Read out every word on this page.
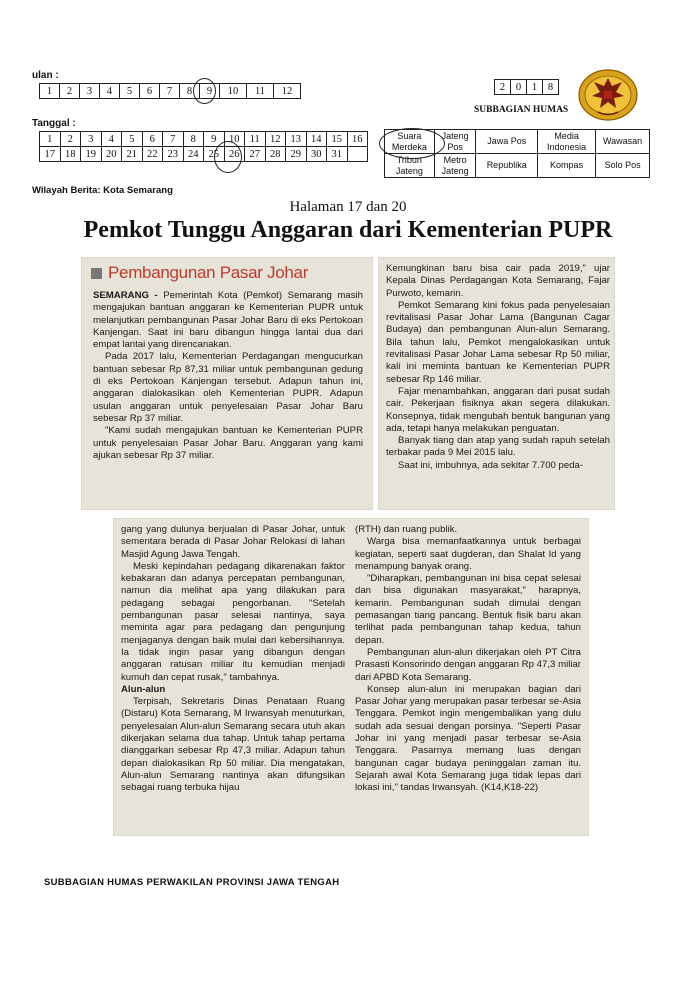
ulan :
1	2	3	4	5	6	7	8	9	10	11	12
Tanggal :
1	2	3	4	5	6	7	8	9	10	11	12	13	14	15	16
17	18	19	20	21	22	23	24	25	26	27	28	29	30	31	
2	0	1	8
SUBBAGIAN HUMAS
Suara Merdeka	Jateng Pos	Jawa Pos	Media Indonesia	Wawasan
Tribun Jateng	Metro Jateng	Republika	Kompas	Solo Pos
Wilayah Berita: Kota Semarang
Halaman 17 dan 20
Pemkot Tunggu Anggaran dari Kementerian PUPR
Pembangunan Pasar Johar

SEMARANG - Pemerintah Kota (Pemkot) Semarang masih mengajukan bantuan anggaran ke Kementerian PUPR untuk melanjutkan pembangunan Pasar Johar Baru di eks Pertokoan Kanjengan. Saat ini baru dibangun hingga lantai dua dari empat lantai yang direncanakan.

Pada 2017 lalu, Kementerian Perdagangan mengucurkan bantuan sebesar Rp 87,31 miliar untuk pembangunan gedung di eks Pertokoan Kanjengan tersebut. Adapun tahun ini, anggaran dialokasikan oleh Kementerian PUPR. Adapun usulan anggaran untuk penyelesaian Pasar Johar Baru sebesar Rp 37 miliar.

"Kami sudah mengajukan bantuan ke Kementerian PUPR untuk penyelesaian Pasar Johar Baru. Anggaran yang kami ajukan sebesar Rp 37 miliar.

Kemungkinan baru bisa cair pada 2019," ujar Kepala Dinas Perdagangan Kota Semarang, Fajar Purwoto, kemarin.

Pemkot Semarang kini fokus pada penyelesaian revitalisasi Pasar Johar Lama (Bangunan Cagar Budaya) dan pembangunan Alun-alun Semarang. Bila tahun lalu, Pemkot mengalokasikan untuk revitalisasi Pasar Johar Lama sebesar Rp 50 miliar, kali ini meminta bantuan ke Kementerian PUPR sebesar Rp 146 miliar.

Fajar menambahkan, anggaran dari pusat sudah cair. Pekerjaan fisiknya akan segera dilakukan. Konsepnya, tidak mengubah bentuk bangunan yang ada, tetapi hanya melakukan penguatan.

Banyak tiang dan atap yang sudah rapuh setelah terbakar pada 9 Mei 2015 lalu.

Saat ini, imbuhnya, ada sekitar 7.700 peda-

gang yang dulunya berjualan di Pasar Johar, untuk sementara berada di Pasar Johar Relokasi di lahan Masjid Agung Jawa Tengah.

Meski kepindahan pedagang dikarenakan faktor kebakaran dan adanya percepatan pembangunan, namun dia melihat apa yang dilakukan para pedagang sebagai pengorbanan. "Setelah pembangunan pasar selesai nantinya, saya meminta agar para pedagang dan pengunjung menjaganya dengan baik mulai dari kebersihannya. Ia tidak ingin pasar yang dibangun dengan anggaran ratusan miliar itu kemudian menjadi kumuh dan cepat rusak," tambahnya.

Alun-alun

Terpisah, Sekretaris Dinas Penataan Ruang (Distaru) Kota Semarang, M Irwansyah menuturkan, penyelesaian Alun-alun Semarang secara utuh akan dikerjakan selama dua tahap. Untuk tahap pertama dianggarkan sebesar Rp 47,3 miliar. Adapun tahun depan dialokasikan Rp 50 miliar. Dia mengatakan, Alun-alun Semarang nantinya akan difungsikan sebagai ruang terbuka hijau

(RTH) dan ruang publik.

Warga bisa memanfaatkannya untuk berbagai kegiatan, seperti saat dugderan, dan Shalat Id yang menampung banyak orang.

"Diharapkan, pembangunan ini bisa cepat selesai dan bisa digunakan masyarakat," harapnya, kemarin. Pembangunan sudah dimulai dengan pemasangan tiang pancang. Bentuk fisik baru akan terlihat pada pembangunan tahap kedua, tahun depan.

Pembangunan alun-alun dikerjakan oleh PT Citra Prasasti Konsorindo dengan anggaran Rp 47,3 miliar dari APBD Kota Semarang.

Konsep alun-alun ini merupakan bagian dari Pasar Johar yang merupakan pasar terbesar se-Asia Tenggara. Pemkot ingin mengembalikan yang dulu sudah ada sesuai dengan porsinya. "Seperti Pasar Johar ini yang menjadi pasar terbesar se-Asia Tenggara. Pasarnya memang luas dengan bangunan cagar budaya peninggalan zaman itu. Sejarah awal Kota Semarang juga tidak lepas dari lokasi ini," tandas Irwansyah. (K14,K18-22)

SUBBAGIAN HUMAS PERWAKILAN PROVINSI JAWA TENGAH
